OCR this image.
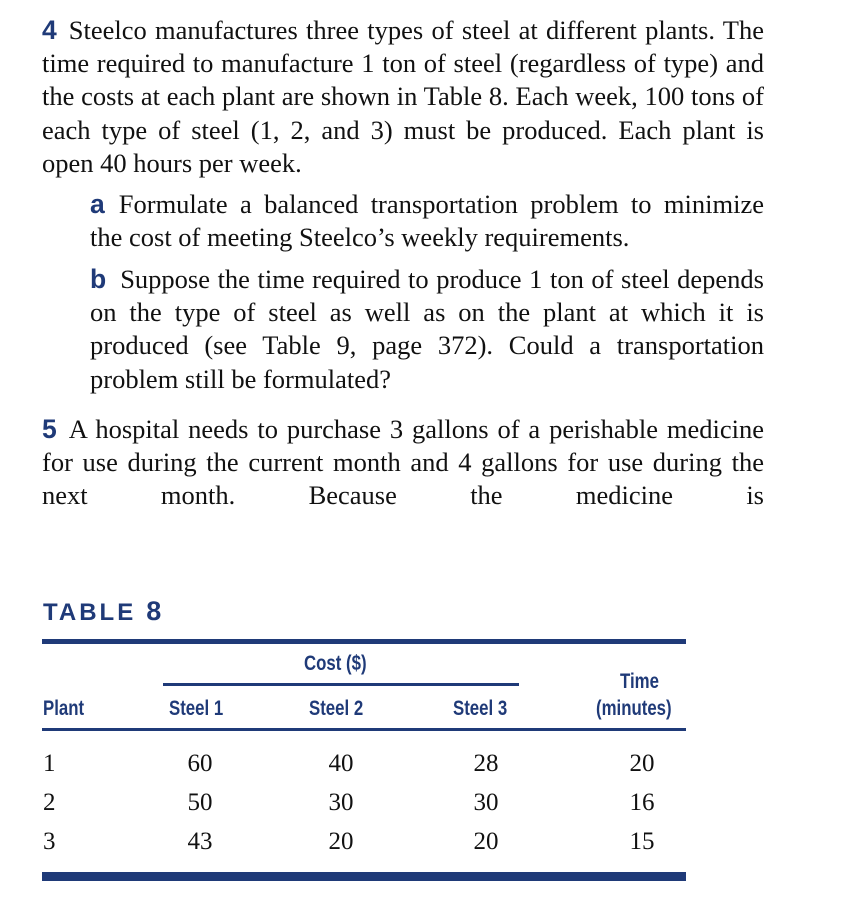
4 Steelco manufactures three types of steel at different plants. The time required to manufacture 1 ton of steel (regardless of type) and the costs at each plant are shown in Table 8. Each week, 100 tons of each type of steel (1, 2, and 3) must be produced. Each plant is open 40 hours per week.
a Formulate a balanced transportation problem to minimize the cost of meeting Steelco’s weekly requirements.
b Suppose the time required to produce 1 ton of steel depends on the type of steel as well as on the plant at which it is produced (see Table 9, page 372). Could a transportation problem still be formulated?
5 A hospital needs to purchase 3 gallons of a perishable medicine for use during the current month and 4 gallons for use during the next month. Because the medicine is
TABLE 8
Cost ($)
Plant	Steel 1	Steel 2	Steel 3
Time
(minutes)
1	60	40	28	20
2	50	30	30	16
3	43	20	20	15
